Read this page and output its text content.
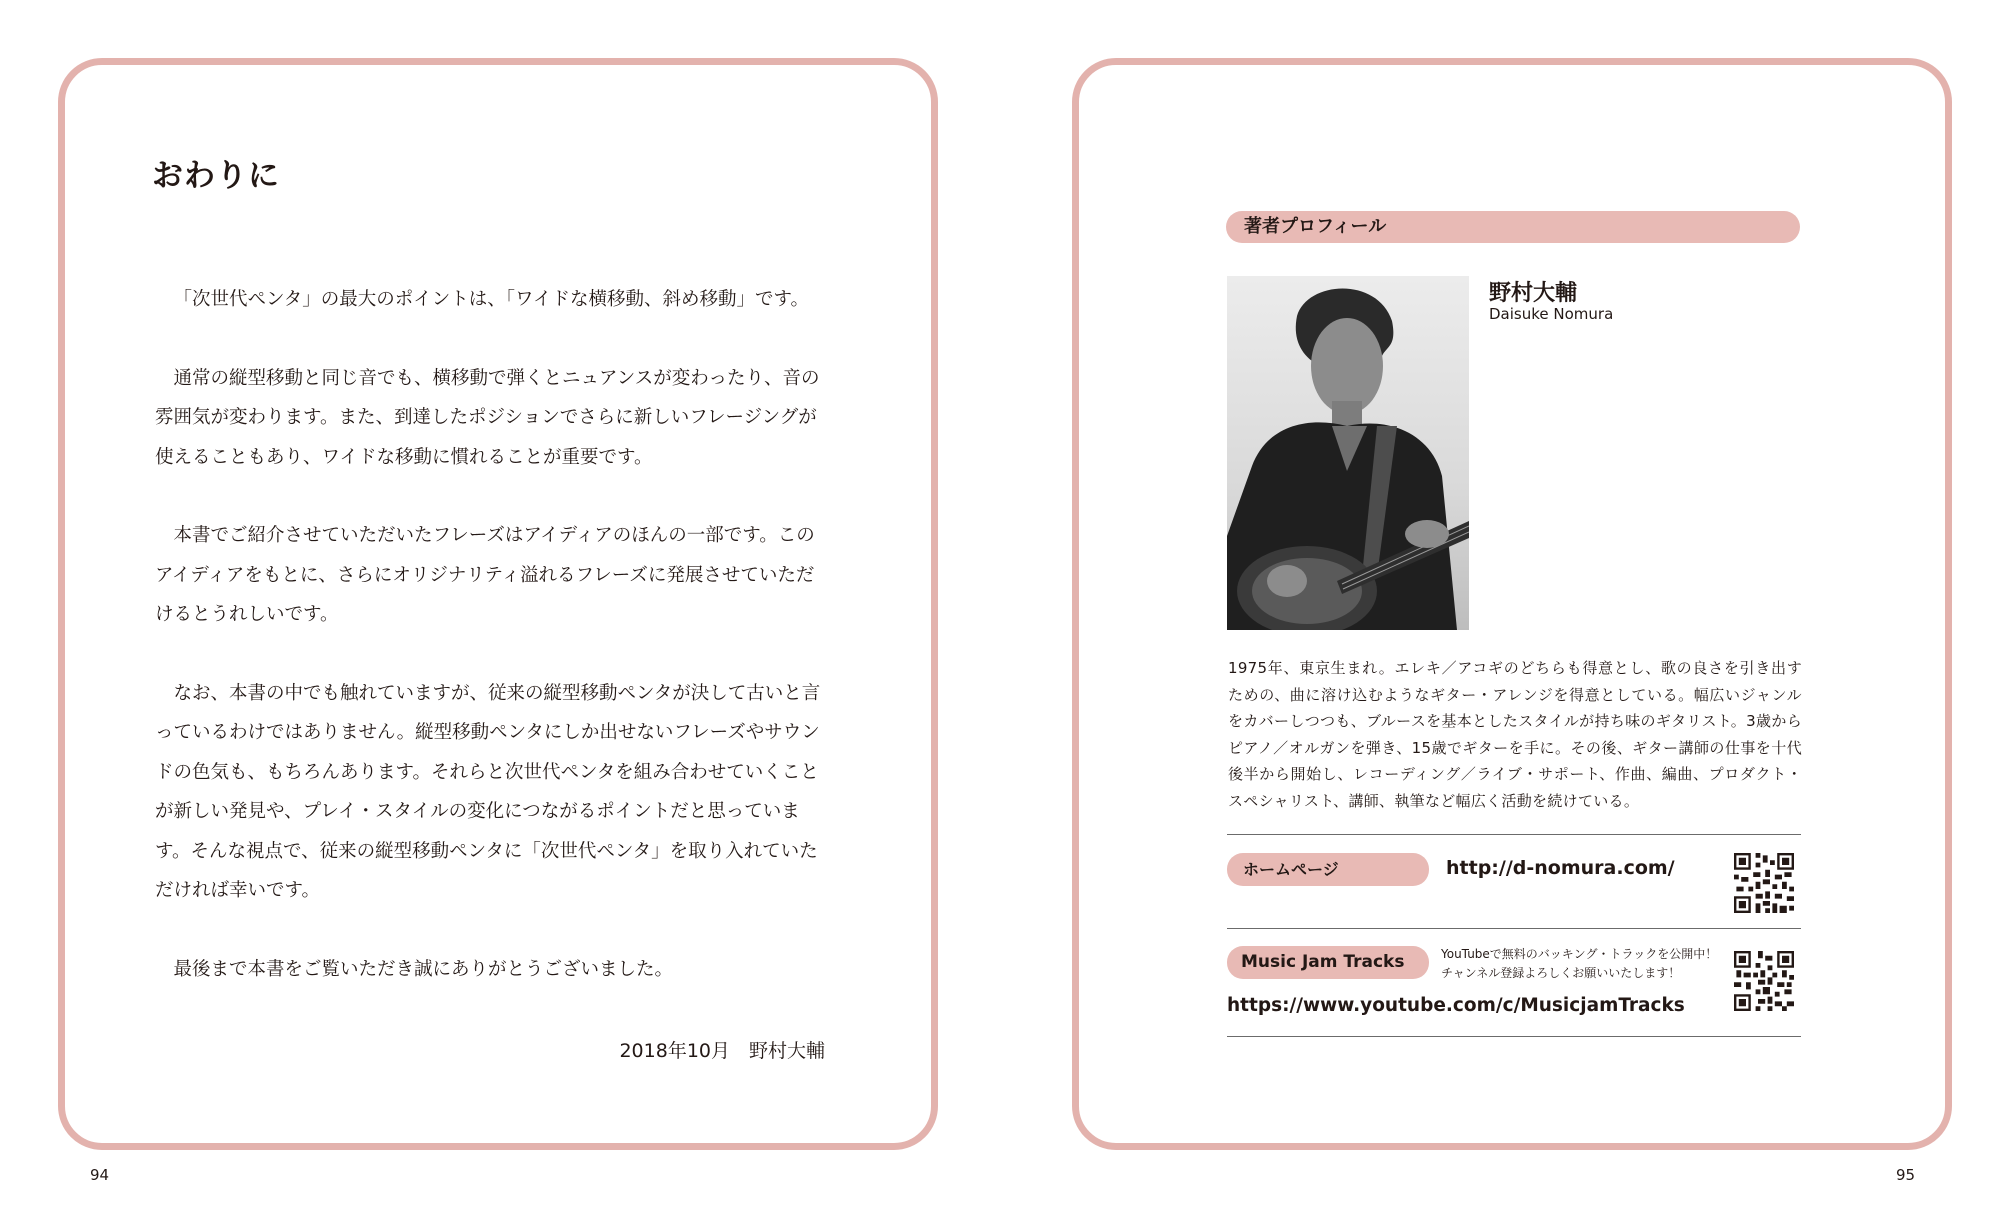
おわりに

「次世代ペンタ」の最大のポイントは、「ワイドな横移動、斜め移動」です。

通常の縦型移動と同じ音でも、横移動で弾くとニュアンスが変わったり、音の雰囲気が変わります。また、到達したポジションでさらに新しいフレージングが使えることもあり、ワイドな移動に慣れることが重要です。

本書でご紹介させていただいたフレーズはアイディアのほんの一部です。このアイディアをもとに、さらにオリジナリティ溢れるフレーズに発展させていただけるとうれしいです。

なお、本書の中でも触れていますが、従来の縦型移動ペンタが決して古いと言っているわけではありません。縦型移動ペンタにしか出せないフレーズやサウンドの色気も、もちろんあります。それらと次世代ペンタを組み合わせていくことが新しい発見や、プレイ・スタイルの変化につながるポイントだと思っています。そんな視点で、従来の縦型移動ペンタに「次世代ペンタ」を取り入れていただければ幸いです。

最後まで本書をご覧いただき誠にありがとうございました。

2018年10月　野村大輔
94
著者プロフィール
野村大輔
Daisuke Nomura
1975年、東京生まれ。エレキ／アコギのどちらも得意とし、歌の良さを引き出すための、曲に溶け込むようなギター・アレンジを得意としている。幅広いジャンルをカバーしつつも、ブルースを基本としたスタイルが持ち味のギタリスト。3歳からピアノ／オルガンを弾き、15歳でギターを手に。その後、ギター講師の仕事を十代後半から開始し、レコーディング／ライブ・サポート、作曲、編曲、プロダクト・スペシャリスト、講師、執筆など幅広く活動を続けている。
ホームページ	http://d-nomura.com/
Music Jam Tracks	YouTubeで無料のバッキング・トラックを公開中！
チャンネル登録よろしくお願いいたします！
https://www.youtube.com/c/MusicjamTracks
95
